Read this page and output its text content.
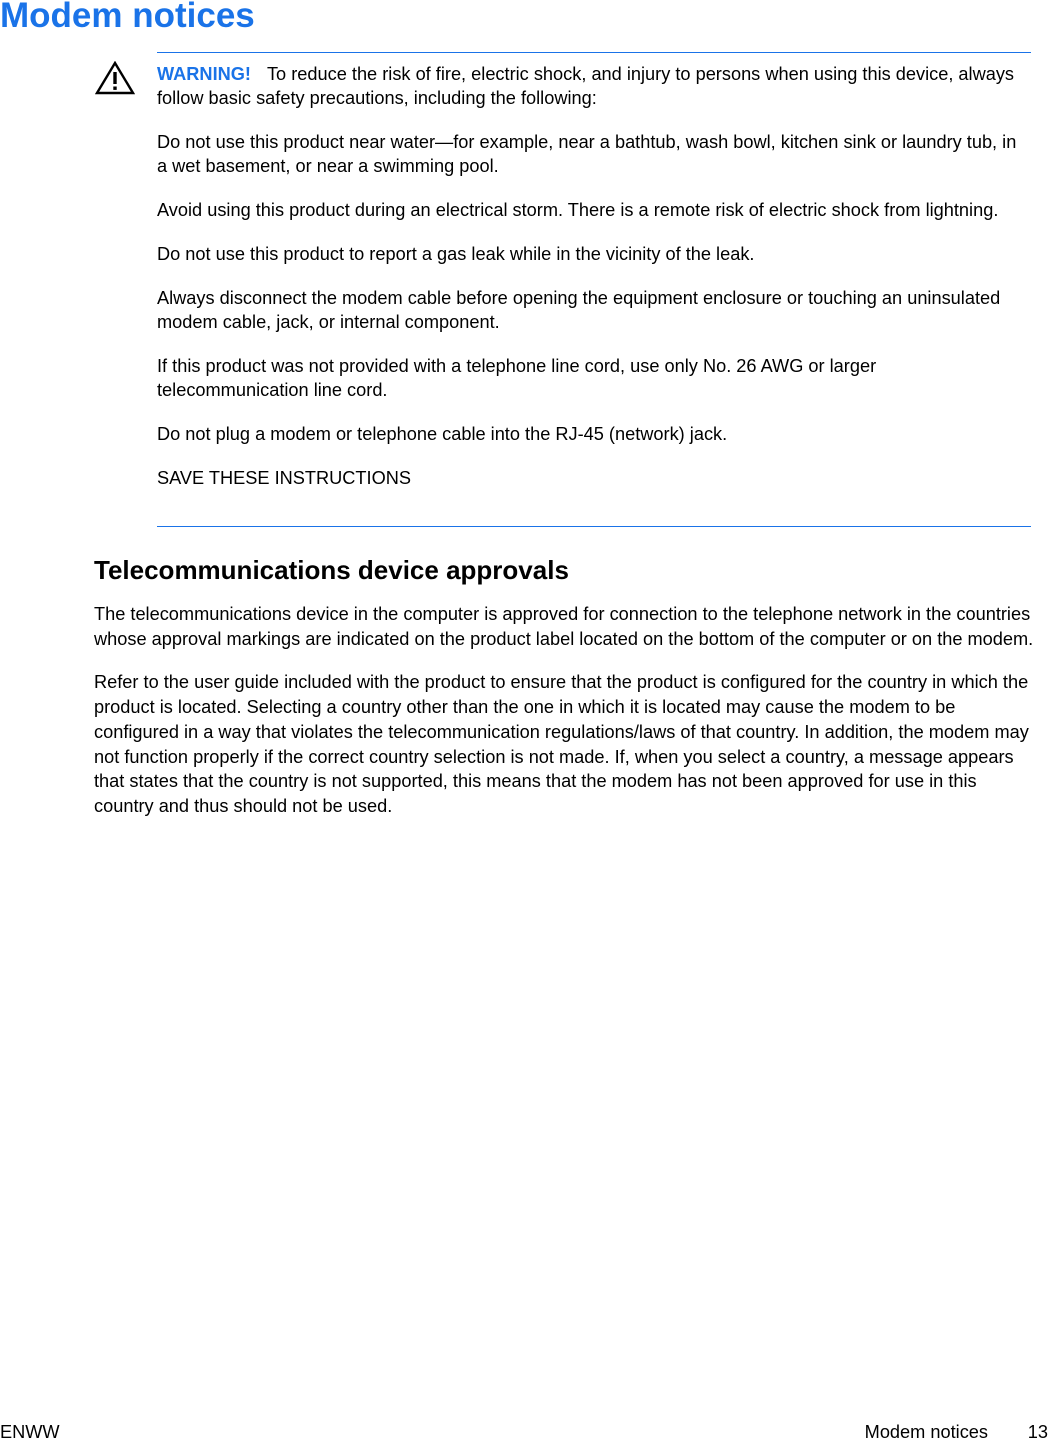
Modem notices

WARNING! To reduce the risk of fire, electric shock, and injury to persons when using this device, always follow basic safety precautions, including the following:

Do not use this product near water—for example, near a bathtub, wash bowl, kitchen sink or laundry tub, in a wet basement, or near a swimming pool.

Avoid using this product during an electrical storm. There is a remote risk of electric shock from lightning.

Do not use this product to report a gas leak while in the vicinity of the leak.

Always disconnect the modem cable before opening the equipment enclosure or touching an uninsulated modem cable, jack, or internal component.

If this product was not provided with a telephone line cord, use only No. 26 AWG or larger telecommunication line cord.

Do not plug a modem or telephone cable into the RJ-45 (network) jack.

SAVE THESE INSTRUCTIONS

Telecommunications device approvals

The telecommunications device in the computer is approved for connection to the telephone network in the countries whose approval markings are indicated on the product label located on the bottom of the computer or on the modem.

Refer to the user guide included with the product to ensure that the product is configured for the country in which the product is located. Selecting a country other than the one in which it is located may cause the modem to be configured in a way that violates the telecommunication regulations/laws of that country. In addition, the modem may not function properly if the correct country selection is not made. If, when you select a country, a message appears that states that the country is not supported, this means that the modem has not been approved for use in this country and thus should not be used.

ENWW	Modem notices 13
